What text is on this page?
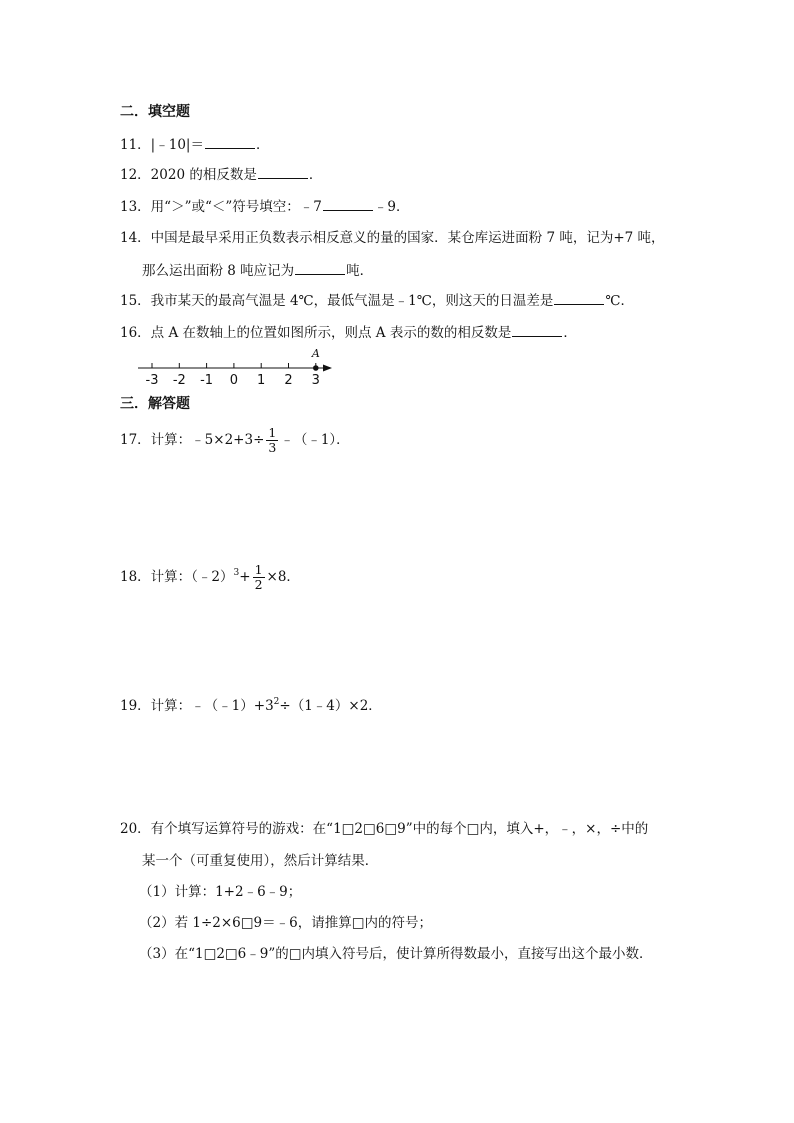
二．填空题
11．|﹣10|＝	．
12．2020 的相反数是	．
13．用“＞”或“＜”符号填空：﹣7	﹣9．
14．中国是最早采用正负数表示相反意义的量的国家．某仓库运进面粉 7 吨，记为+7 吨，
那么运出面粉 8 吨应记为	吨．
15．我市某天的最高气温是 4℃，最低气温是﹣1℃，则这天的日温差是	℃．
16．点 A 在数轴上的位置如图所示，则点 A 表示的数的相反数是	．
-3 -2 -1 0 1 2 3
A
三．解答题
17．计算：﹣5×2+3÷ $\frac{1}{3}$ ﹣（﹣1）．
18．计算：（﹣2）$^3$+ $\frac{1}{2} \times 8$．
19．计算：$﹣(﹣1)+3^2\div(1﹣4)\times 2$．
20．有个填写运算符号的游戏：在“1□2□6□9”中的每个□内，填入+，﹣，×，÷中的
某一个（可重复使用），然后计算结果．
（1）计算：1+2﹣6﹣9；
（2）若 1÷2×6□9＝﹣6，请推算□内的符号；
（3）在“1□2□6﹣9”的□内填入符号后，使计算所得数最小，直接写出这个最小数．
